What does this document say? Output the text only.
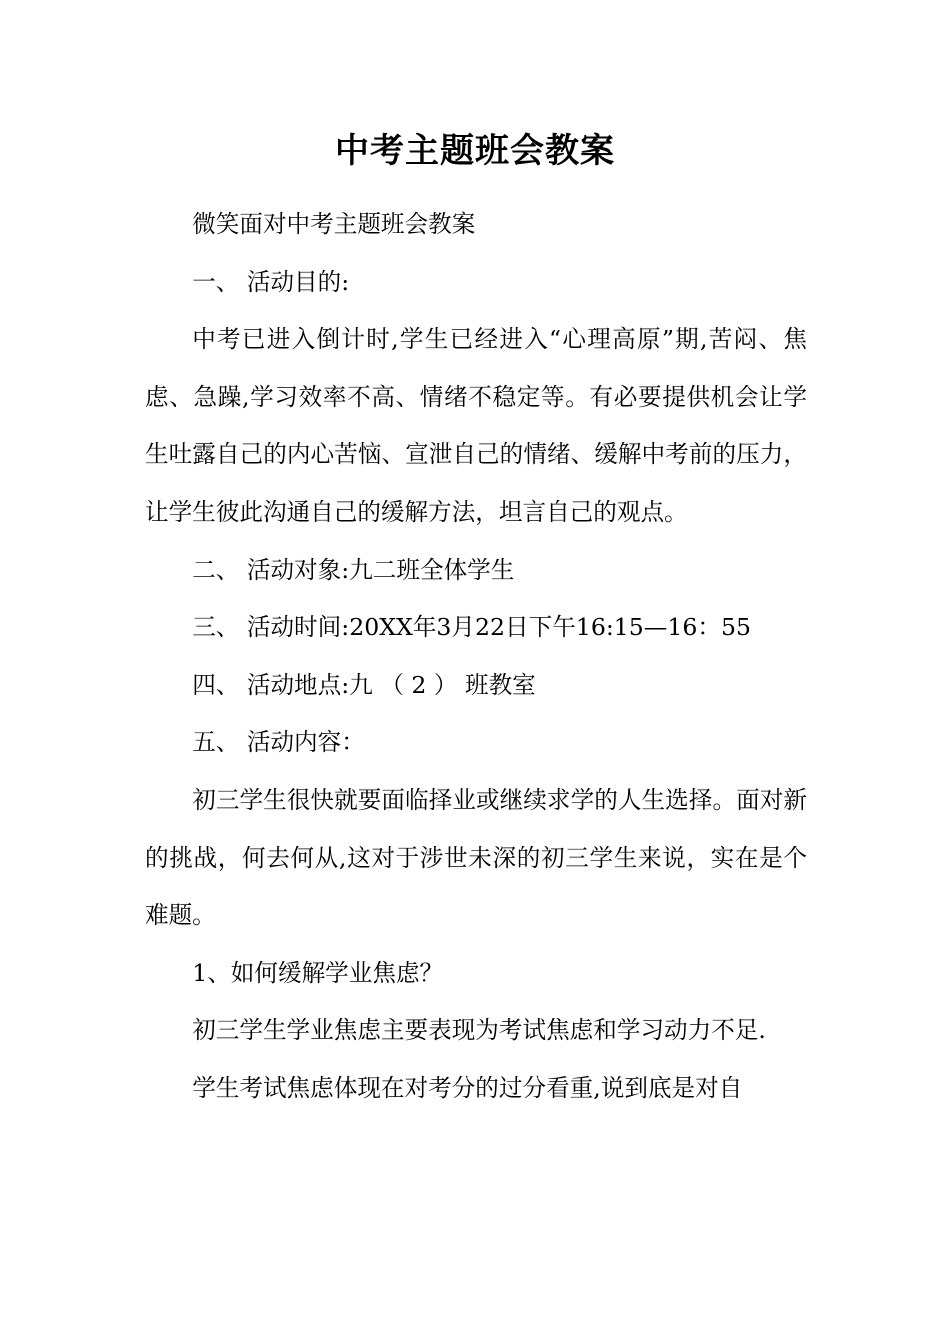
中考主题班会教案

微笑面对中考主题班会教案

一、 活动目的:

中考已进入倒计时,学生已经进入“心理高原”期,苦闷、焦虑、急躁,学习效率不高、情绪不稳定等。有必要提供机会让学生吐露自己的内心苦恼、宣泄自己的情绪、缓解中考前的压力，让学生彼此沟通自己的缓解方法，坦言自己的观点。

二、 活动对象:九二班全体学生

三、 活动时间:20XX年3月22日下午16:15—16：55

四、 活动地点:九 （ 2 ） 班教室

五、 活动内容：

初三学生很快就要面临择业或继续求学的人生选择。面对新的挑战，何去何从,这对于涉世未深的初三学生来说，实在是个难题。

1、如何缓解学业焦虑？

初三学生学业焦虑主要表现为考试焦虑和学习动力不足.

学生考试焦虑体现在对考分的过分看重,说到底是对自
